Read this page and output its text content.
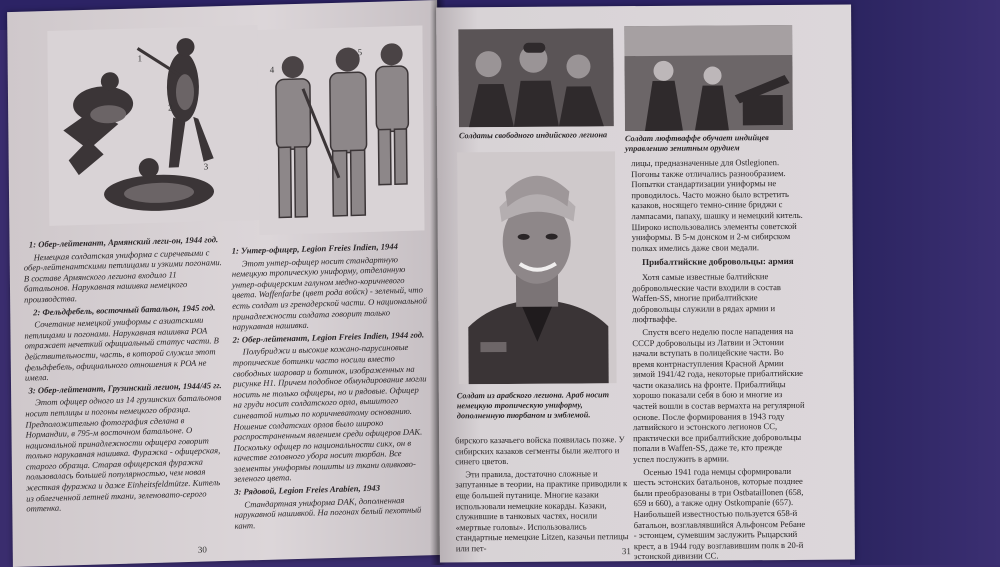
1
2
3
4
5

1: Обер-лейтенант, Армянский леги-он, 1944 год.

Немецкая солдатская униформа с сиречевыми с обер-лейтенантскими петлицами и узкими погонами. В составе Армянского легиона входило 11 батальонов. Нарукавная нашивка немецкого производства.

2: Фельдфебель, восточный батальон, 1945 год.

Сочетание немецкой униформы с азиатскими петлицами и погонами. Нарукавная нашивка РОА отражает нечеткий официальный статус части. В действительности, часть, в которой служил этот фельдфебель, официального отношения к РОА не имела.

3: Обер-лейтенант, Грузинский легион, 1944/45 гг.

Этот офицер одного из 14 грузинских батальонов носит петлицы и погоны немецкого образца. Предположительно фотография сделана в Нормандии, в 795-м восточном батальоне. О национальной принадлежности офицера говорит только нарукавная нашивка. Фуражка - офицерская, старого образца. Старая офицерская фуражка пользовалась большей популярностью, чем новая жесткая фуражка и даже Einheitsfeldmütze. Китель из облегченной летней ткани, зеленовато-серого оттенка.

1: Унтер-офицер, Legion Freies Indien, 1944

Этот унтер-офицер носит стандартную немецкую тропическую униформу, отделанную унтер-офицерским галуном медно-коричневого цвета. Waffenfarbe (цвет рода войск) - зеленый, что есть солдат из гренадерской части. О национальной принадлежности солдата говорит только нарукавная нашивка.

2: Обер-лейтенант, Legion Freies Indien, 1944 год.

Полубриджи и высокие кожано-парусиновые тропические ботинки часто носили вместо свободных шаровар и ботинок, изображенных на рисунке Н1. Причем подобное обмундирование могли носить не только офицеры, но и рядовые. Офицер на груди носит солдатского орла, вышитого синеватой нитью по коричневатому основанию. Ношение солдатских орлов было широко распространенным явлением среди офицеров DAK. Поскольку офицер по национальности сикх, он в качестве головного убора носит тюрбан. Все элементы униформы пошиты из ткани оливково-зеленого цвета.

3: Рядовой, Legion Freies Arabien, 1943

Стандартная униформа DAK, дополненная нарукавной нашивкой. На погонах белый пехотный кант.

30
Солдаты свободного индийского легиона	Солдат люфтваффе обучает индийцев управлению зенитным орудием
Солдат из арабского легиона. Араб носит немецкую тропическую униформу, дополненную тюрбаном и эмблемой.

бирского казачьего войска появилась позже. У сибирских казаков сегменты были желтого и синего цветов.

Эти правила, достаточно сложные и запутанные в теории, на практике приводили к еще большей путанице. Многие казаки использовали немецкие кокарды. Казаки, служившие в танковых частях, носили «мертвые головы». Использовались стандартные немецкие Litzen, казачьи петлицы или пет-

лицы, предназначенные для Ostlegionen. Погоны также отличались разнообразием. Попытки стандартизации униформы не проводилось. Часто можно было встретить казаков, носящего темно-синие бриджи с лампасами, папаху, шашку и немецкий китель. Широко использовались элементы советской униформы. В 5-м донском и 2-м сибирском полках имелись даже свои медали.

Прибалтийские добровольцы: армия

Хотя самые известные балтийские добровольческие части входили в состав Waffen-SS, многие прибалтийские добровольцы служили в рядах армии и люфтваффе.

Спустя всего неделю после нападения на СССР добровольцы из Латвии и Эстонии начали вступать в полицейские части. Во время контрнаступления Красной Армии зимой 1941/42 года, некоторые прибалтийские части оказались на фронте. Прибалтийцы хорошо показали себя в бою и многие из частей вошли в состав вермахта на регулярной основе. После формирования в 1943 году латвийского и эстонского легионов СС, практически все прибалтийские добровольцы попали в Waffen-SS, даже те, кто прежде успел послужить в армии.

Осенью 1941 года немцы сформировали шесть эстонских батальонов, которые позднее были преобразованы в три Ostbataillonen (658, 659 и 660), а также одну Ostkompanie (657). Наибольшей известностью пользуется 658-й батальон, возглавлявшийся Альфонсом Ребане - эстонцем, сумевшим заслужить Рыцарский крест, а в 1944 году возглавившим полк в 20-й эстонской дивизии СС.

31
